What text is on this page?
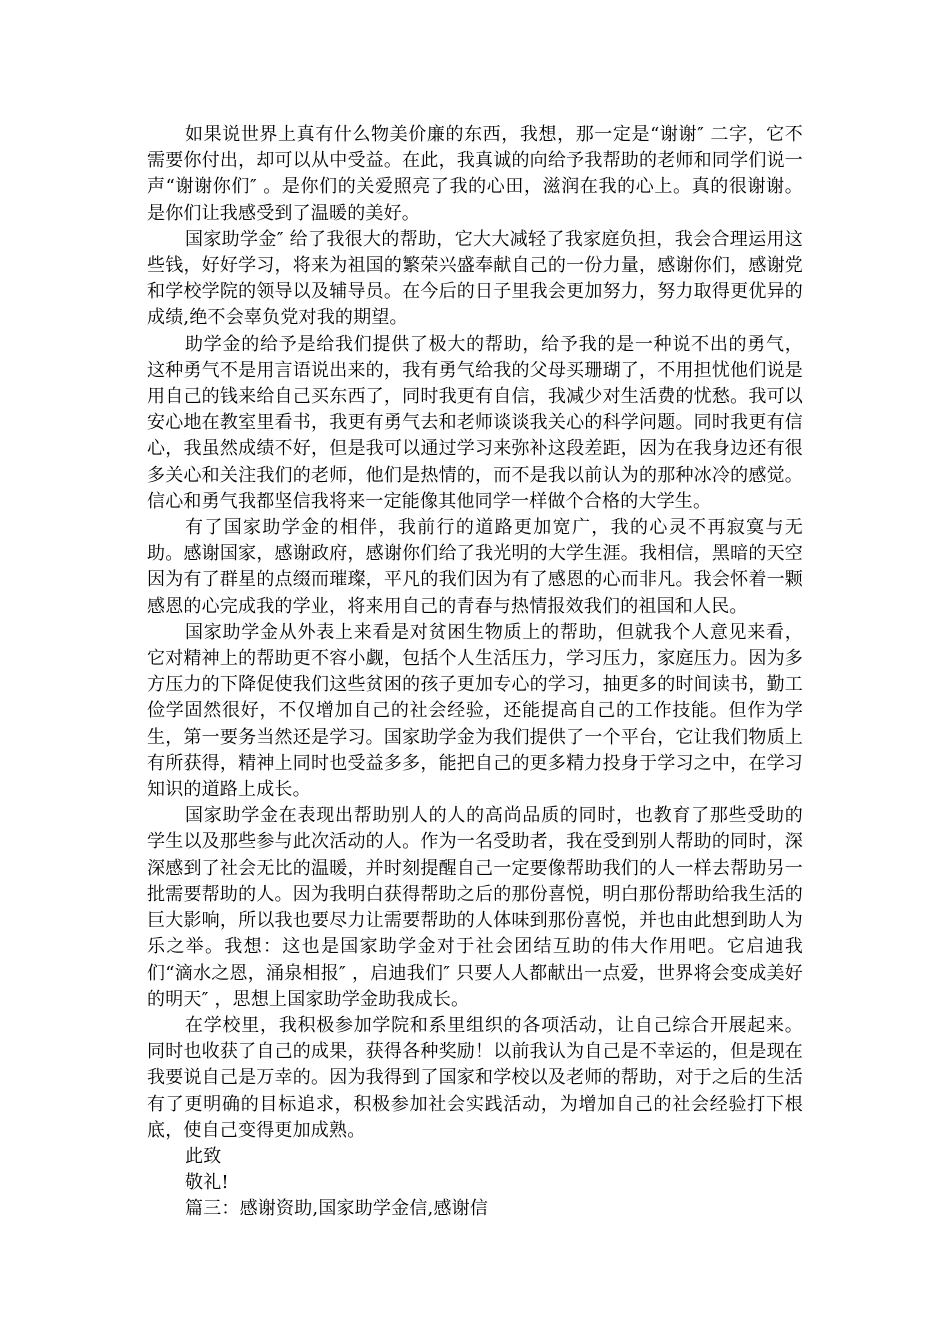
如果说世界上真有什么物美价廉的东西，我想，那一定是“谢谢″ 二字，它不需要你付出，却可以从中受益。在此，我真诚的向给予我帮助的老师和同学们说一声“谢谢你们″ 。是你们的关爱照亮了我的心田，滋润在我的心上。真的很谢谢。是你们让我感受到了温暖的美好。

国家助学金″ 给了我很大的帮助，它大大减轻了我家庭负担，我会合理运用这些钱，好好学习，将来为祖国的繁荣兴盛奉献自己的一份力量，感谢你们，感谢党和学校学院的领导以及辅导员。在今后的日子里我会更加努力，努力取得更优异的成绩,绝不会辜负党对我的期望。

助学金的给予是给我们提供了极大的帮助，给予我的是一种说不出的勇气，这种勇气不是用言语说出来的，我有勇气给我的父母买珊瑚了，不用担忧他们说是用自己的钱来给自己买东西了，同时我更有自信，我减少对生活费的忧愁。我可以安心地在教室里看书，我更有勇气去和老师谈谈我关心的科学问题。同时我更有信心，我虽然成绩不好，但是我可以通过学习来弥补这段差距，因为在我身边还有很多关心和关注我们的老师，他们是热情的，而不是我以前认为的那种冰冷的感觉。信心和勇气我都坚信我将来一定能像其他同学一样做个合格的大学生。

有了国家助学金的相伴，我前行的道路更加宽广，我的心灵不再寂寞与无助。感谢国家，感谢政府，感谢你们给了我光明的大学生涯。我相信，黑暗的天空因为有了群星的点缀而璀璨，平凡的我们因为有了感恩的心而非凡。我会怀着一颗感恩的心完成我的学业，将来用自己的青春与热情报效我们的祖国和人民。

国家助学金从外表上来看是对贫困生物质上的帮助，但就我个人意见来看，它对精神上的帮助更不容小觑，包括个人生活压力，学习压力，家庭压力。因为多方压力的下降促使我们这些贫困的孩子更加专心的学习，抽更多的时间读书，勤工俭学固然很好，不仅增加自己的社会经验，还能提高自己的工作技能。但作为学生，第一要务当然还是学习。国家助学金为我们提供了一个平台，它让我们物质上有所获得，精神上同时也受益多多，能把自己的更多精力投身于学习之中，在学习知识的道路上成长。

国家助学金在表现出帮助别人的人的高尚品质的同时，也教育了那些受助的学生以及那些参与此次活动的人。作为一名受助者，我在受到别人帮助的同时，深深感到了社会无比的温暖，并时刻提醒自己一定要像帮助我们的人一样去帮助另一批需要帮助的人。因为我明白获得帮助之后的那份喜悦，明白那份帮助给我生活的巨大影响，所以我也要尽力让需要帮助的人体味到那份喜悦，并也由此想到助人为乐之举。我想：这也是国家助学金对于社会团结互助的伟大作用吧。它启迪我们“滴水之恩，涌泉相报″ ，启迪我们″ 只要人人都献出一点爱，世界将会变成美好的明天″ ，思想上国家助学金助我成长。

在学校里，我积极参加学院和系里组织的各项活动，让自己综合开展起来。同时也收获了自己的成果，获得各种奖励！以前我认为自己是不幸运的，但是现在我要说自己是万幸的。因为我得到了国家和学校以及老师的帮助，对于之后的生活有了更明确的目标追求，积极参加社会实践活动，为增加自己的社会经验打下根底，使自己变得更加成熟。

此致

敬礼!

篇三：感谢资助,国家助学金信,感谢信
